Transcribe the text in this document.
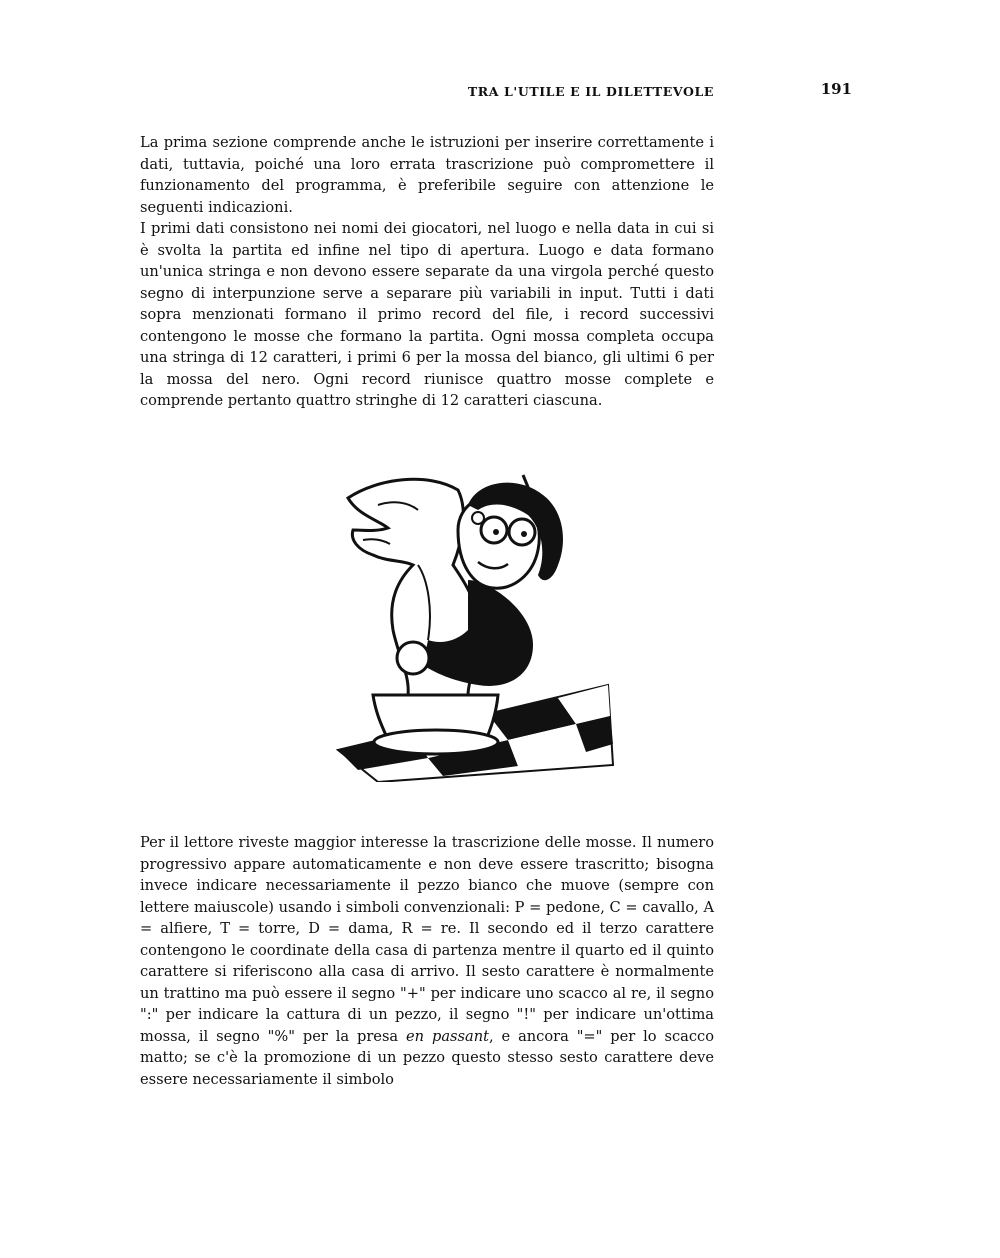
TRA L'UTILE E IL DILETTEVOLE	191

La prima sezione comprende anche le istruzioni per inserire correttamente i dati, tuttavia, poiché una loro errata trascrizione può compromettere il funzionamento del programma, è preferibile seguire con attenzione le seguenti indicazioni.

I primi dati consistono nei nomi dei giocatori, nel luogo e nella data in cui si è svolta la partita ed infine nel tipo di apertura. Luogo e data formano un'unica stringa e non devono essere separate da una virgola perché questo segno di interpunzione serve a separare più variabili in input. Tutti i dati sopra menzionati formano il primo record del file, i record successivi contengono le mosse che formano la partita. Ogni mossa completa occupa una stringa di 12 caratteri, i primi 6 per la mossa del bianco, gli ultimi 6 per la mossa del nero. Ogni record riunisce quattro mosse complete e comprende pertanto quattro stringhe di 12 caratteri ciascuna.

Per il lettore riveste maggior interesse la trascrizione delle mosse. Il numero progressivo appare automaticamente e non deve essere trascritto; bisogna invece indicare necessariamente il pezzo bianco che muove (sempre con lettere maiuscole) usando i simboli convenzionali: P = pedone, C = cavallo, A = alfiere, T = torre, D = dama, R = re. Il secondo ed il terzo carattere contengono le coordinate della casa di partenza mentre il quarto ed il quinto carattere si riferiscono alla casa di arrivo. Il sesto carattere è normalmente un trattino ma può essere il segno "+" per indicare uno scacco al re, il segno ":" per indicare la cattura di un pezzo, il segno "!" per indicare un'ottima mossa, il segno "%" per la presa en passant, e ancora "=" per lo scacco matto; se c'è la promozione di un pezzo questo stesso sesto carattere deve essere necessariamente il simbolo
